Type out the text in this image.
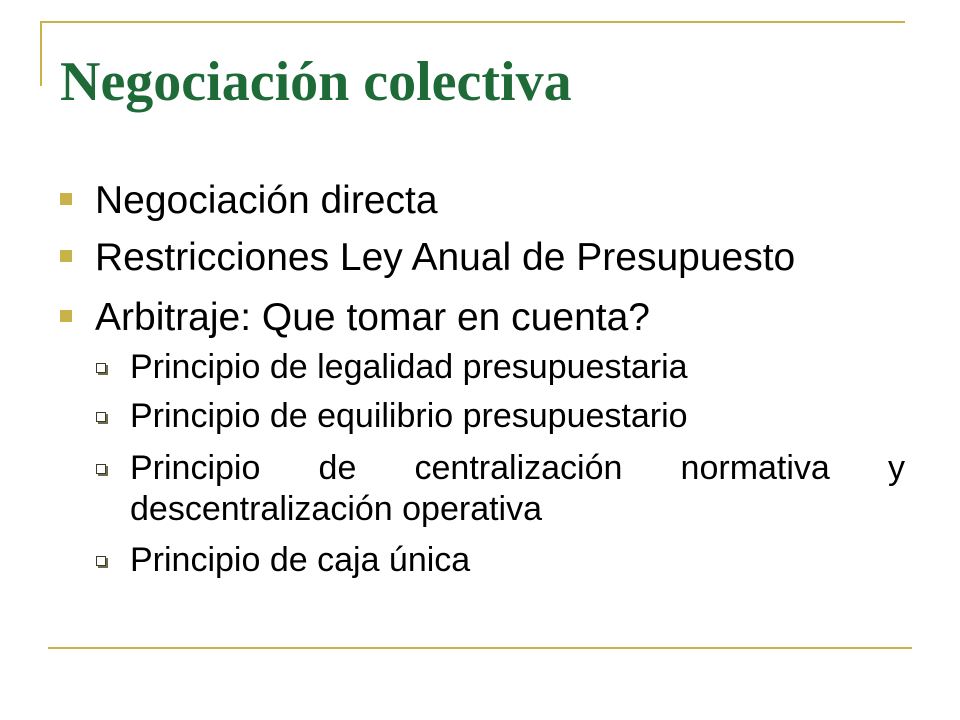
Negociación colectiva
Negociación directa
Restricciones Ley Anual de Presupuesto
Arbitraje: Que tomar en cuenta?
Principio de legalidad presupuestaria
Principio de equilibrio presupuestario
Principio de centralización normativa y descentralización operativa
Principio de caja única
